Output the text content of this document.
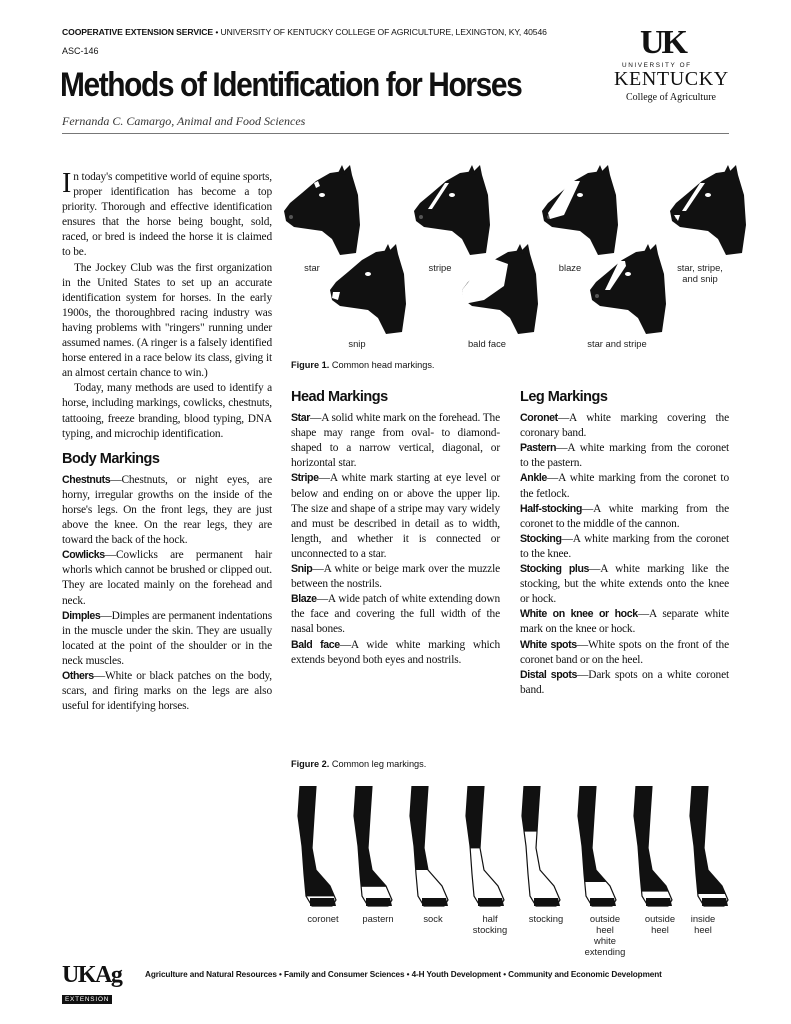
COOPERATIVE EXTENSION SERVICE • UNIVERSITY OF KENTUCKY COLLEGE OF AGRICULTURE, LEXINGTON, KY, 40546
ASC-146
Methods of Identification for Horses
Fernanda C. Camargo, Animal and Food Sciences
UK
UNIVERSITY OF
KENTUCKY
College of Agriculture

In today's competitive world of equine sports, proper identification has become a top priority. Thorough and effective identification ensures that the horse being bought, sold, raced, or bred is indeed the horse it is claimed to be.

The Jockey Club was the first organization in the United States to set up an accurate identification system for horses. In the early 1900s, the thoroughbred racing industry was having problems with "ringers" running under assumed names. (A ringer is a falsely identified horse entered in a race below its class, giving it an almost certain chance to win.)

Today, many methods are used to identify a horse, including markings, cowlicks, chestnuts, tattooing, freeze branding, blood typing, DNA typing, and microchip identification.

Body Markings

Chestnuts—Chestnuts, or night eyes, are horny, irregular growths on the inside of the horse's legs. On the front legs, they are just above the knee. On the rear legs, they are toward the back of the hock.

Cowlicks—Cowlicks are permanent hair whorls which cannot be brushed or clipped out. They are located mainly on the forehead and neck.

Dimples—Dimples are permanent indentations in the muscle under the skin. They are usually located at the point of the shoulder or in the neck muscles.

Others—White or black patches on the body, scars, and firing marks on the legs are also useful for identifying horses.

star	stripe	blaze	star, stripe,
and snip
snip	bald face	star and stripe
Figure 1. Common head markings.
Head Markings

Star—A solid white mark on the forehead. The shape may range from oval- to diamond-shaped to a narrow vertical, diagonal, or horizontal star.

Stripe—A white mark starting at eye level or below and ending on or above the upper lip. The size and shape of a stripe may vary widely and must be described in detail as to width, length, and whether it is connected or unconnected to a star.

Snip—A white or beige mark over the muzzle between the nostrils.

Blaze—A wide patch of white extending down the face and covering the full width of the nasal bones.

Bald face—A wide white marking which extends beyond both eyes and nostrils.

Leg Markings

Coronet—A white marking covering the coronary band.

Pastern—A white marking from the coronet to the pastern.

Ankle—A white marking from the coronet to the fetlock.

Half-stocking—A white marking from the coronet to the middle of the cannon.

Stocking—A white marking from the coronet to the knee.

Stocking plus—A white marking like the stocking, but the white extends onto the knee or hock.

White on knee or hock—A separate white mark on the knee or hock.

White spots—White spots on the front of the coronet band or on the heel.

Distal spots—Dark spots on a white coronet band.

Figure 2. Common leg markings.
coronet	pastern	sock	half
stocking
stocking	outside
heel
white
extending
outside
heel
inside
heel
UKAg
EXTENSION
Agriculture and Natural Resources • Family and Consumer Sciences • 4-H Youth Development • Community and Economic Development
